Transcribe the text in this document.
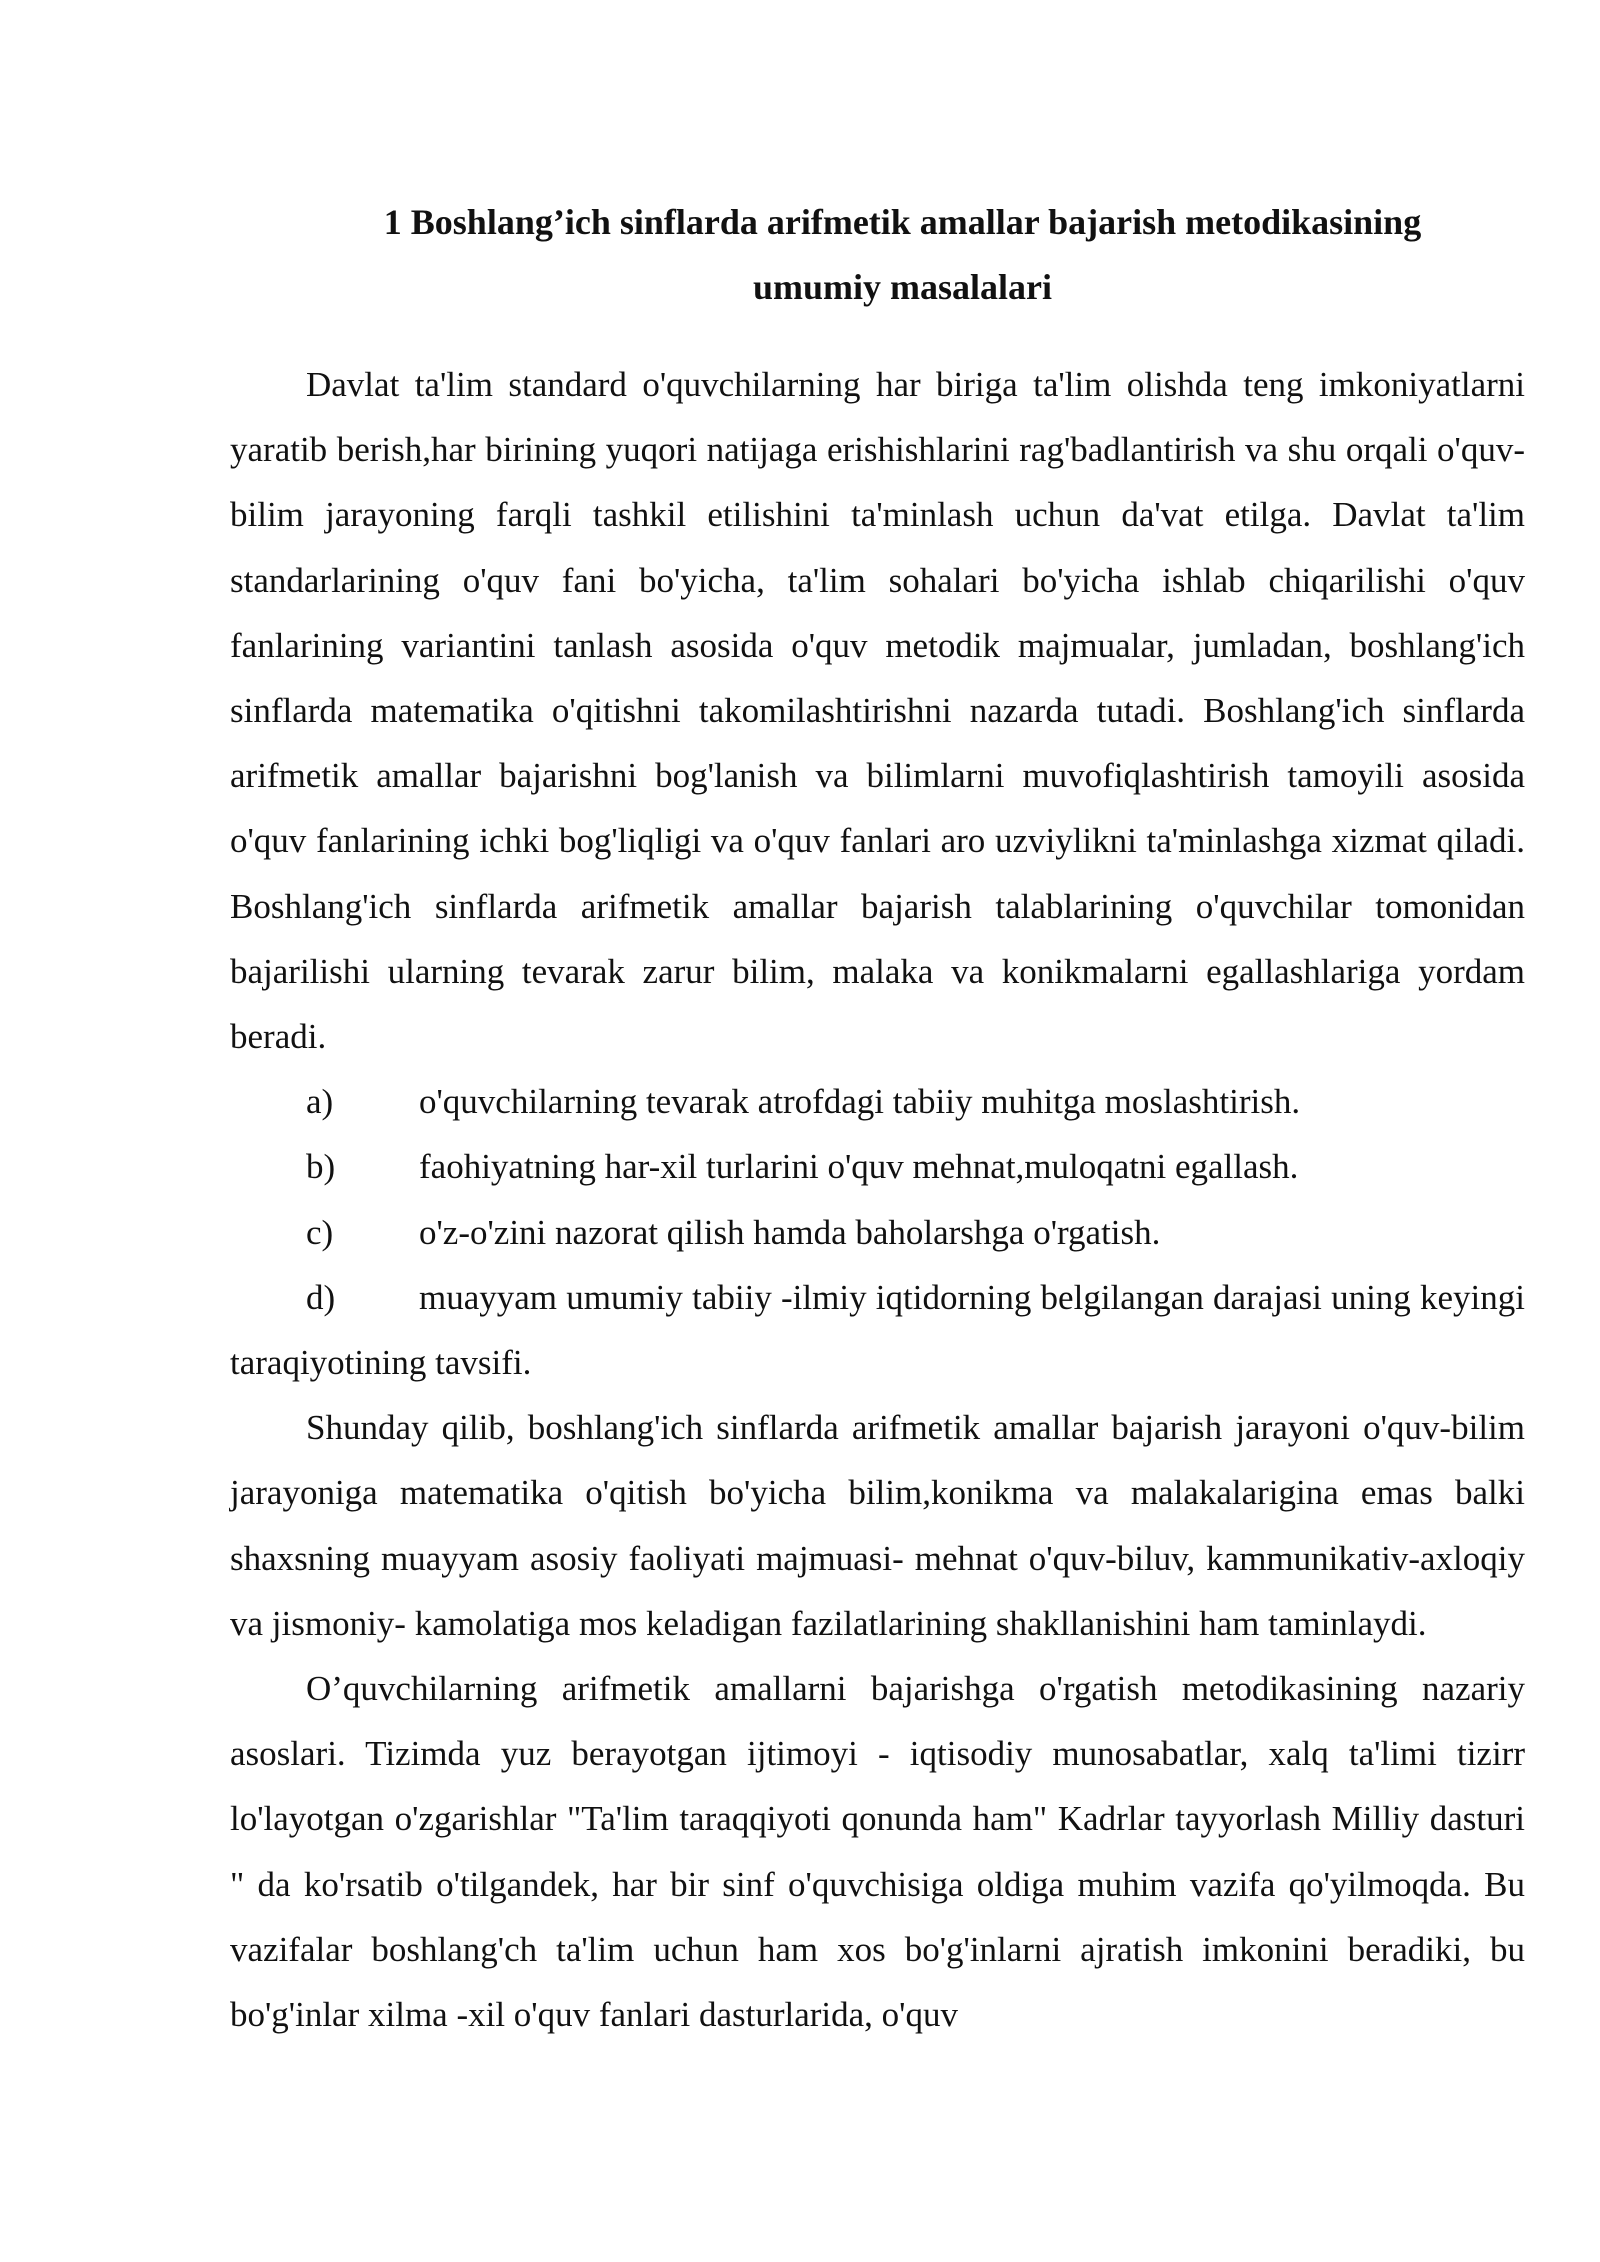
1 Boshlang’ich sinflarda arifmetik amallar bajarish metodikasining
umumiy masalalari

Davlat ta'lim standard o'quvchilarning har biriga ta'lim olishda teng imkoniyatlarni yaratib berish,har birining yuqori natijaga erishishlarini rag'badlantirish va shu orqali o'quv-bilim jarayoning farqli tashkil etilishini ta'minlash uchun da'vat etilga. Davlat ta'lim standarlarining o'quv fani bo'yicha, ta'lim sohalari bo'yicha ishlab chiqarilishi o'quv fanlarining variantini tanlash asosida o'quv metodik majmualar, jumladan, boshlang'ich sinflarda matematika o'qitishni takomilashtirishni nazarda tutadi. Boshlang'ich sinflarda arifmetik amallar bajarishni bog'lanish va bilimlarni muvofiqlashtirish tamoyili asosida o'quv fanlarining ichki bog'liqligi va o'quv fanlari aro uzviylikni ta'minlashga xizmat qiladi. Boshlang'ich sinflarda arifmetik amallar bajarish talablarining o'quvchilar tomonidan bajarilishi ularning tevarak zarur bilim, malaka va konikmalarni egallashlariga yordam beradi.

a) o'quvchilarning tevarak atrofdagi tabiiy muhitga moslashtirish.
b) faohiyatning har-xil turlarini o'quv mehnat,muloqatni egallash.
c) o'z-o'zini nazorat qilish hamda baholarshga o'rgatish.
d) muayyam umumiy tabiiy -ilmiy iqtidorning belgilangan darajasi uning keyingi taraqiyotining tavsifi.

Shunday qilib, boshlang'ich sinflarda arifmetik amallar bajarish jarayoni o'quv-bilim jarayoniga matematika o'qitish bo'yicha bilim,konikma va malakalarigina emas balki shaxsning muayyam asosiy faoliyati majmuasi- mehnat o'quv-biluv, kammunikativ-axloqiy va jismoniy- kamolatiga mos keladigan fazilatlarining shakllanishini ham taminlaydi.

O’quvchilarning arifmetik amallarni bajarishga o'rgatish metodikasining nazariy asoslari. Tizimda yuz berayotgan ijtimoyi - iqtisodiy munosabatlar, xalq ta'limi tizirr lo'layotgan o'zgarishlar "Ta'lim taraqqiyoti qonunda ham" Kadrlar tayyorlash Milliy dasturi " da ko'rsatib o'tilgandek, har bir sinf o'quvchisiga oldiga muhim vazifa qo'yilmoqda. Bu vazifalar boshlang'ch ta'lim uchun ham xos bo'g'inlarni ajratish imkonini beradiki, bu bo'g'inlar xilma -xil o'quv fanlari dasturlarida, o'quv
